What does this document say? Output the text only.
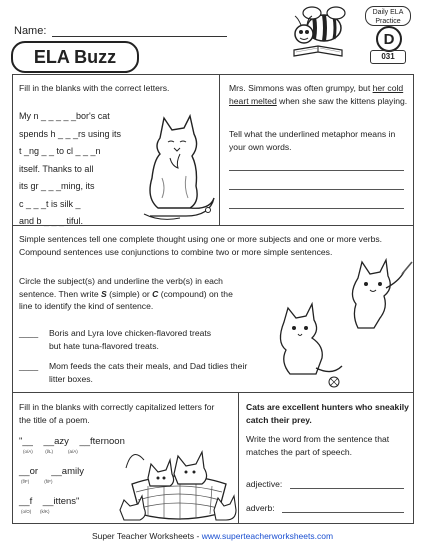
Name:
ELA Buzz
Daily ELA Practice
D
031
Fill in the blanks with the correct letters.
My n _ _ _ _ _bor's cat
spends h _ _ _rs using its
t _ng _ _ to cl _ _ _n
itself. Thanks to all
its gr _ _ _ming, its
c _ _ _t is silk _
and b _ _ _ tiful.
Mrs. Simmons was often grumpy, but her cold heart melted when she saw the kittens playing.
Tell what the underlined metaphor means in your own words.
Simple sentences tell one complete thought using one or more subjects and one or more verbs. Compound sentences use conjunctions to combine two or more simple sentences.
Circle the subject(s) and underline the verb(s) in each sentence. Then write S (simple) or C (compound) on the line to identify the kind of sentence.
____	Boris and Lyra love chicken-flavored treats but hate tuna-flavored treats.
____	Mom feeds the cats their meals, and Dad tidies their litter boxes.
Fill in the blanks with correctly capitalized letters for the title of a poem.
"__ __azy __fternoon
(o/A)	(l/L)	(a/A)
__or __amily
(f/F)	(f/F)
__f __ittens"
(o/O) (k/K)
Cats are excellent hunters who sneakily catch their prey.
Write the word from the sentence that matches the part of speech.
adjective:
adverb:
Super Teacher Worksheets - www.superteacherworksheets.com
